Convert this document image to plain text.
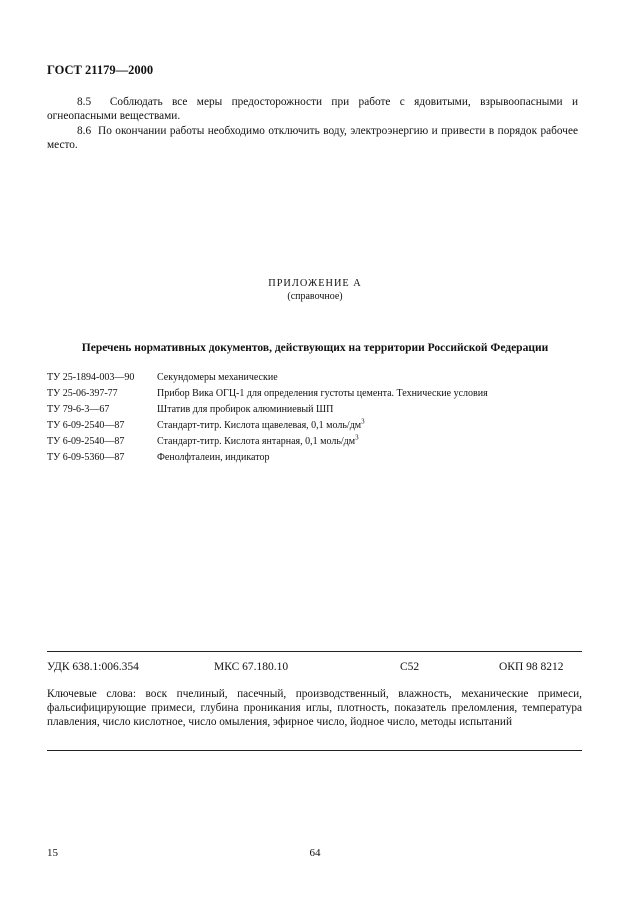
ГОСТ 21179—2000
8.5 Соблюдать все меры предосторожности при работе с ядовитыми, взрывоопасными и огнеопасными веществами.
8.6 По окончании работы необходимо отключить воду, электроэнергию и привести в порядок рабочее место.
ПРИЛОЖЕНИЕ А
(справочное)
Перечень нормативных документов, действующих на территории Российской Федерации
ТУ 25-1894-003—90 Секундомеры механические
ТУ 25-06-397-77	Прибор Вика ОГЦ-1 для определения густоты цемента. Технические условия
ТУ 79-6-3—67	Штатив для пробирок алюминиевый ШП
ТУ 6-09-2540—87	Стандарт-титр. Кислота щавелевая, 0,1 моль/$дм^3$
ТУ 6-09-2540—87	Стандарт-титр. Кислота янтарная, 0,1 моль/$дм^3$
ТУ 6-09-5360—87	Фенолфталеин, индикатор
УДК 638.1:006.354	МКС 67.180.10	С52	ОКП 98 8212
Ключевые слова: воск пчелиный, пасечный, производственный, влажность, механические примеси, фальсифицирующие примеси, глубина проникания иглы, плотность, показатель преломления, температура плавления, число кислотное, число омыления, эфирное число, йодное число, методы испытаний
15	64
